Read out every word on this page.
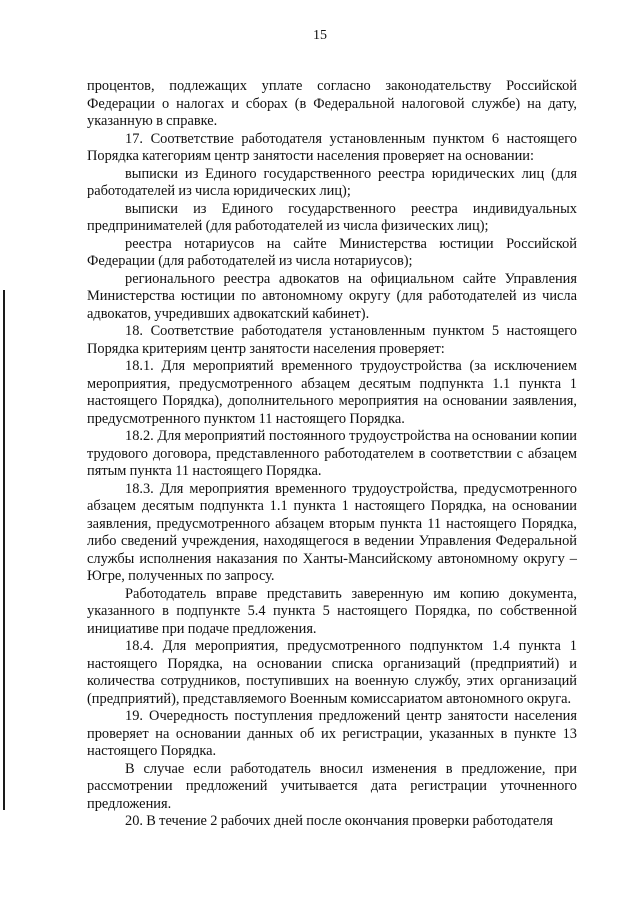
15

процентов, подлежащих уплате согласно законодательству Российской Федерации о налогах и сборах (в Федеральной налоговой службе) на дату, указанную в справке.

17. Соответствие работодателя установленным пунктом 6 настоящего Порядка категориям центр занятости населения проверяет на основании:

выписки из Единого государственного реестра юридических лиц (для работодателей из числа юридических лиц);

выписки из Единого государственного реестра индивидуальных предпринимателей (для работодателей из числа физических лиц);

реестра нотариусов на сайте Министерства юстиции Российской Федерации (для работодателей из числа нотариусов);

регионального реестра адвокатов на официальном сайте Управления Министерства юстиции по автономному округу (для работодателей из числа адвокатов, учредивших адвокатский кабинет).

18. Соответствие работодателя установленным пунктом 5 настоящего Порядка критериям центр занятости населения проверяет:

18.1. Для мероприятий временного трудоустройства (за исключением мероприятия, предусмотренного абзацем десятым подпункта 1.1 пункта 1 настоящего Порядка), дополнительного мероприятия на основании заявления, предусмотренного пунктом 11 настоящего Порядка.

18.2. Для мероприятий постоянного трудоустройства на основании копии трудового договора, представленного работодателем в соответствии с абзацем пятым пункта 11 настоящего Порядка.

18.3. Для мероприятия временного трудоустройства, предусмотренного абзацем десятым подпункта 1.1 пункта 1 настоящего Порядка, на основании заявления, предусмотренного абзацем вторым пункта 11 настоящего Порядка, либо сведений учреждения, находящегося в ведении Управления Федеральной службы исполнения наказания по Ханты-Мансийскому автономному округу – Югре, полученных по запросу.

Работодатель вправе представить заверенную им копию документа, указанного в подпункте 5.4 пункта 5 настоящего Порядка, по собственной инициативе при подаче предложения.

18.4. Для мероприятия, предусмотренного подпунктом 1.4 пункта 1 настоящего Порядка, на основании списка организаций (предприятий) и количества сотрудников, поступивших на военную службу, этих организаций (предприятий), представляемого Военным комиссариатом автономного округа.

19. Очередность поступления предложений центр занятости населения проверяет на основании данных об их регистрации, указанных в пункте 13 настоящего Порядка.

В случае если работодатель вносил изменения в предложение, при рассмотрении предложений учитывается дата регистрации уточненного предложения.

20. В течение 2 рабочих дней после окончания проверки работодателя
